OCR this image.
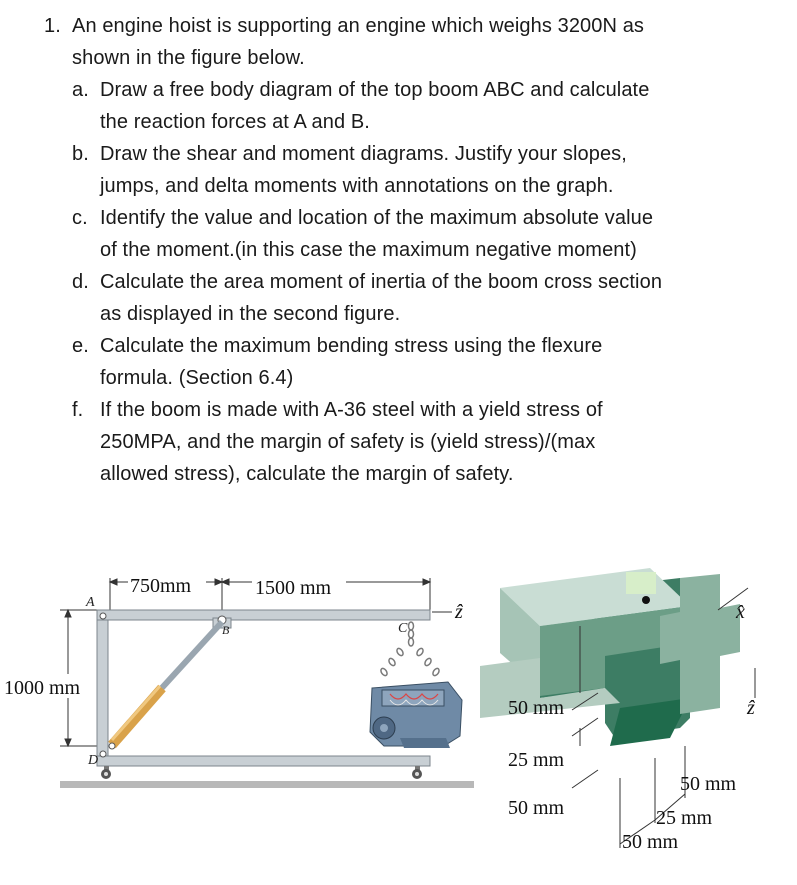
1. An engine hoist is supporting an engine which weighs 3200N as
shown in the figure below.
a. Draw a free body diagram of the top boom ABC and calculate
the reaction forces at A and B.
b. Draw the shear and moment diagrams. Justify your slopes,
jumps, and delta moments with annotations on the graph.
c. Identify the value and location of the maximum absolute value
of the moment.(in this case the maximum negative moment)
d. Calculate the area moment of inertia of the boom cross section
as displayed in the second figure.
e. Calculate the maximum bending stress using the flexure
formula. (Section 6.4)
f. If the boom is made with A-36 steel with a yield stress of
250MPA, and the margin of safety is (yield stress)/(max
allowed stress), calculate the margin of safety.
750mm	1500 mm
1000 mm
A
B	C
D
ẑ	x̂
ẑ
50 mm
25 mm
50 mm
50 mm
25 mm
50 mm
